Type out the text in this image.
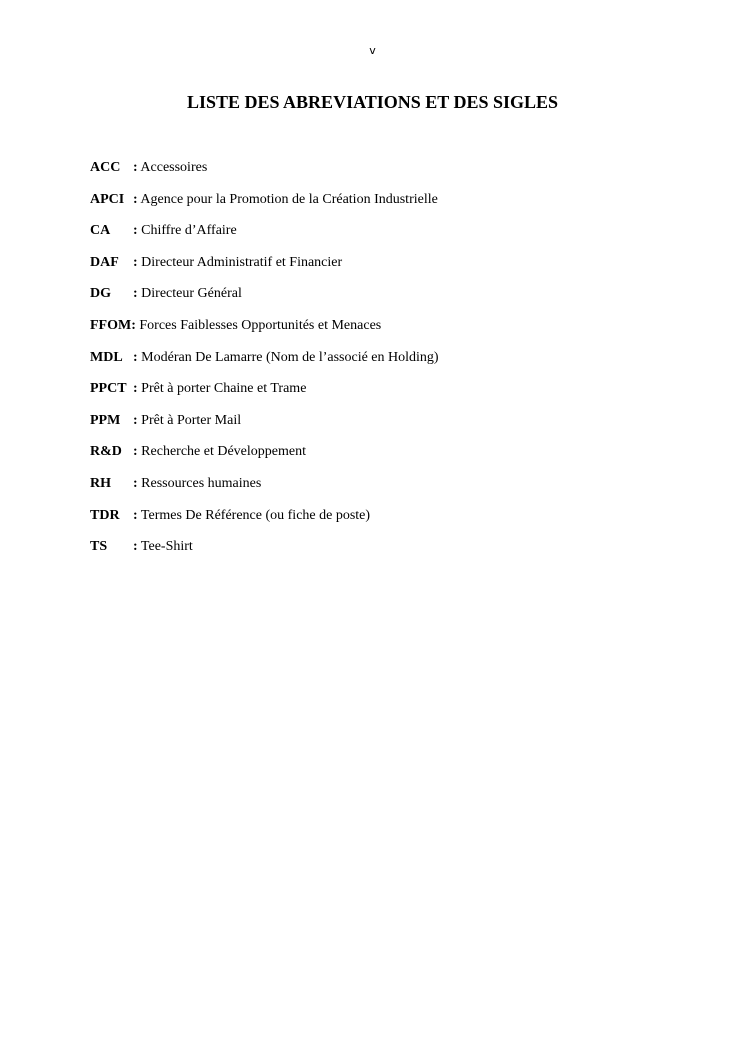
v
LISTE DES ABREVIATIONS ET DES SIGLES
ACC : Accessoires
APCI : Agence pour la Promotion de la Création Industrielle
CA : Chiffre d’Affaire
DAF : Directeur Administratif et Financier
DG : Directeur Général
FFOM: Forces Faiblesses Opportunités et Menaces
MDL : Modéran De Lamarre (Nom de l’associé en Holding)
PPCT : Prêt à porter Chaine et Trame
PPM : Prêt à Porter Mail
R&D : Recherche et Développement
RH : Ressources humaines
TDR : Termes De Référence (ou fiche de poste)
TS : Tee-Shirt
